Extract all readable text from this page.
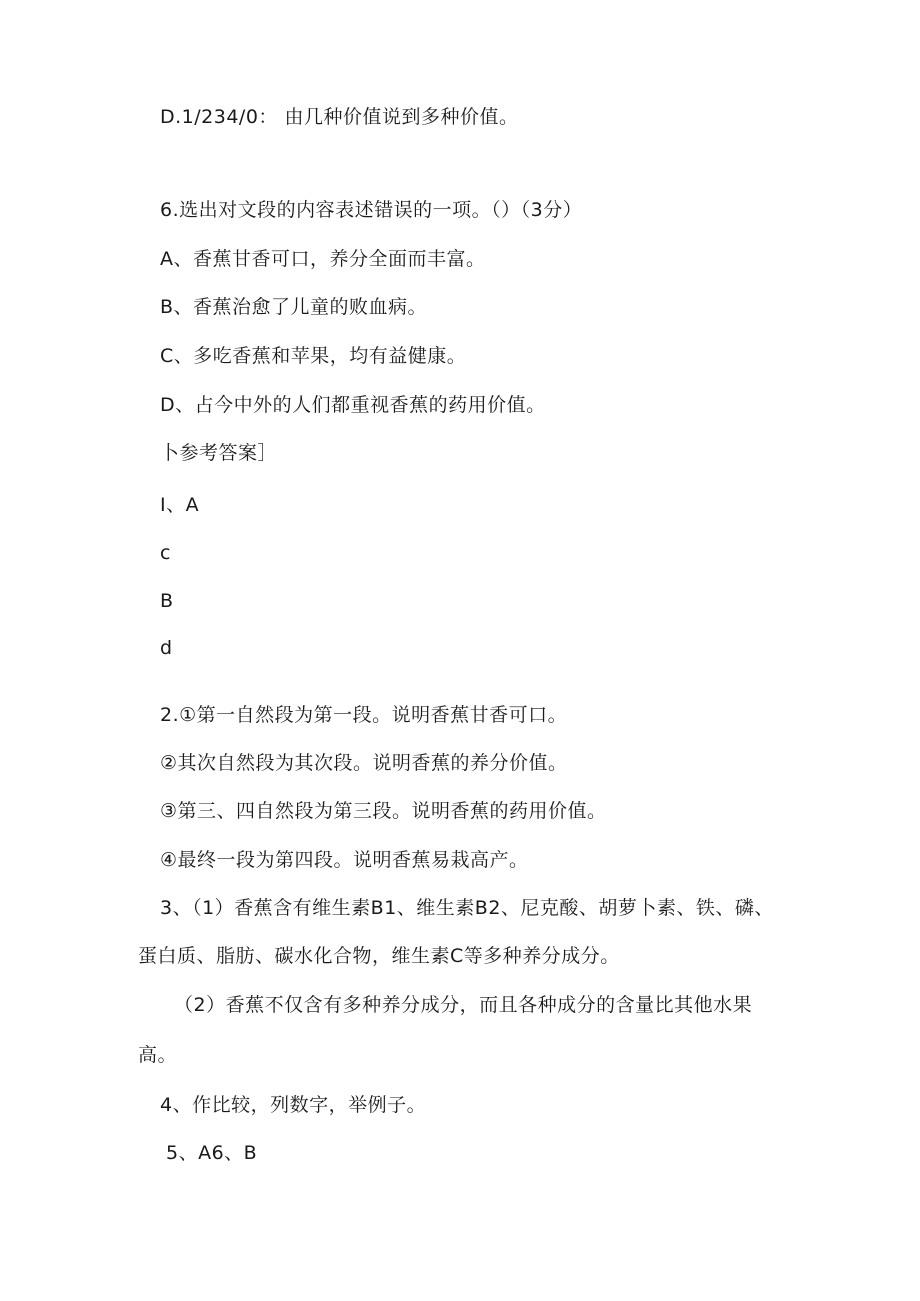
D.1/234/0： 由几种价值说到多种价值。
6.选出对文段的内容表述错误的一项。（）（3分）
A、香蕉甘香可口，养分全面而丰富。
B、香蕉治愈了儿童的败血病。
C、多吃香蕉和苹果，均有益健康。
D、占今中外的人们都重视香蕉的药用价值。
卜参考答案］
I、A
c
B
d
2.①第一自然段为第一段。说明香蕉甘香可口。
②其次自然段为其次段。说明香蕉的养分价值。
③第三、四自然段为第三段。说明香蕉的药用价值。
④最终一段为第四段。说明香蕉易栽高产。
3、（1）香蕉含有维生素B1、维生素B2、尼克酸、胡萝卜素、铁、磷、
蛋白质、脂肪、碳水化合物，维生素C等多种养分成分。
（2）香蕉不仅含有多种养分成分，而且各种成分的含量比其他水果
高。
4、作比较，列数字，举例子。
5、A6、B
